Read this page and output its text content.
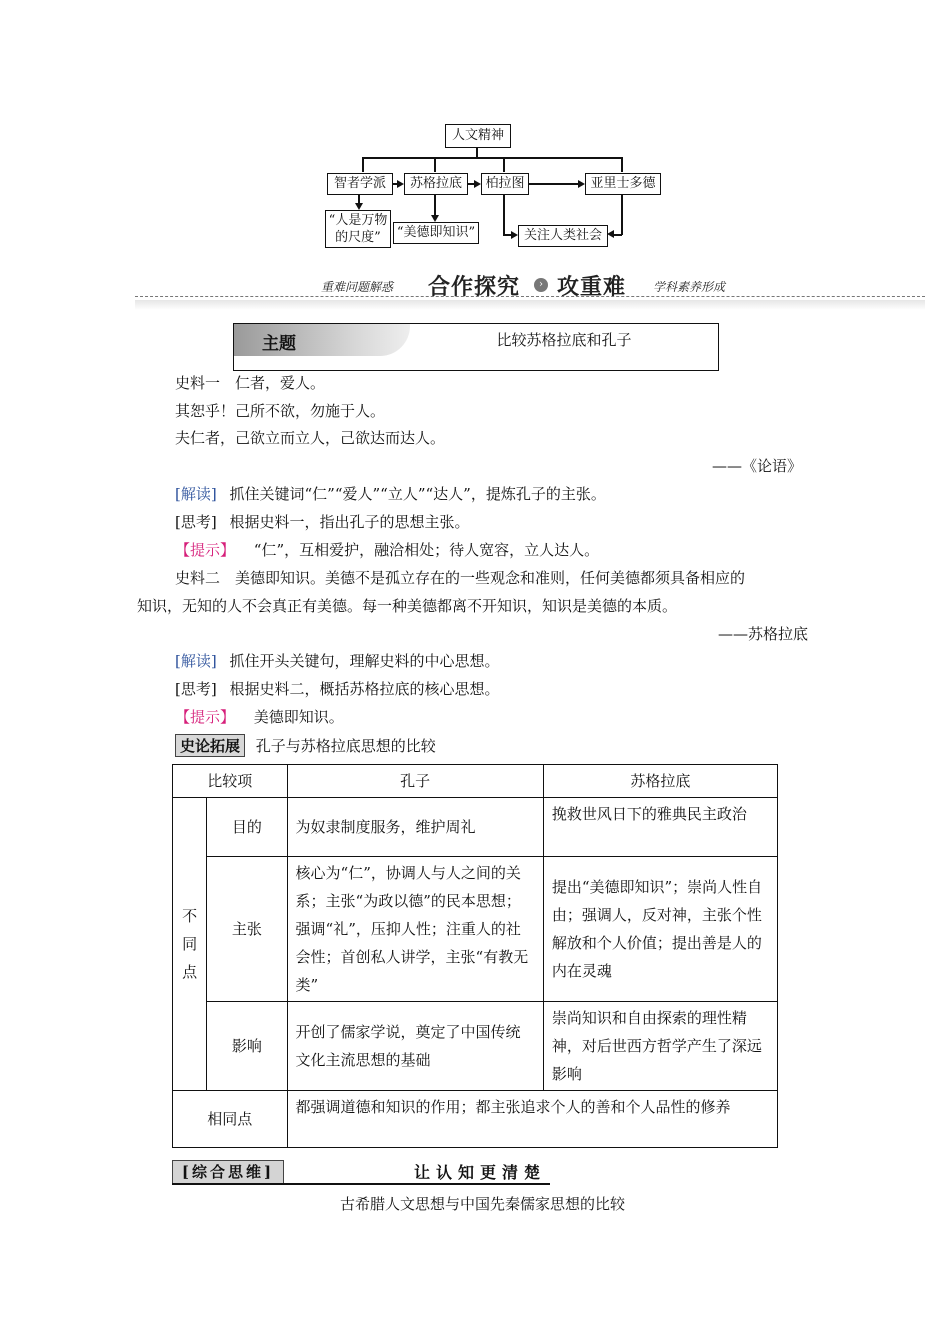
人文精神
智者学派	苏格拉底	柏拉图	亚里士多德
“人是万物的尺度”	“美德即知识”	关注人类社会
重难问题解惑 合作探究	› 攻重难 学科素养形成
主题	比较苏格拉底和孔子
史料一　仁者，爱人。
其恕乎！己所不欲，勿施于人。
夫仁者，己欲立而立人，己欲达而达人。
——《论语》
[解读] 抓住关键词“仁”“爱人”“立人”“达人”，提炼孔子的主张。
[思考] 根据史料一，指出孔子的思想主张。
【提示】 “仁”，互相爱护，融洽相处；待人宽容，立人达人。
史料二　美德即知识。美德不是孤立存在的一些观念和准则，任何美德都须具备相应的
知识，无知的人不会真正有美德。每一种美德都离不开知识，知识是美德的本质。
——苏格拉底
[解读] 抓住开头关键句，理解史料的中心思想。
[思考] 根据史料二，概括苏格拉底的核心思想。
【提示】 美德即知识。
史论拓展 孔子与苏格拉底思想的比较
比较项		孔子	苏格拉底

不同点	目的	为奴隶制度服务，维护周礼	挽救世风日下的雅典民主政治
	主张	核心为“仁”，协调人与人之间的关系；主张“为政以德”的民本思想；强调“礼”，压抑人性；注重人的社会性；首创私人讲学，主张“有教无类”	提出“美德即知识”；崇尚人性自由；强调人，反对神，主张个性解放和个人价值；提出善是人的内在灵魂
	影响	开创了儒家学说，奠定了中国传统文化主流思想的基础	崇尚知识和自由探索的理性精神，对后世西方哲学产生了深远影响
相同点		都强调道德和知识的作用；都主张追求个人的善和个人品性的修养	
[综合思维]	让认知更清楚
古希腊人文思想与中国先秦儒家思想的比较
